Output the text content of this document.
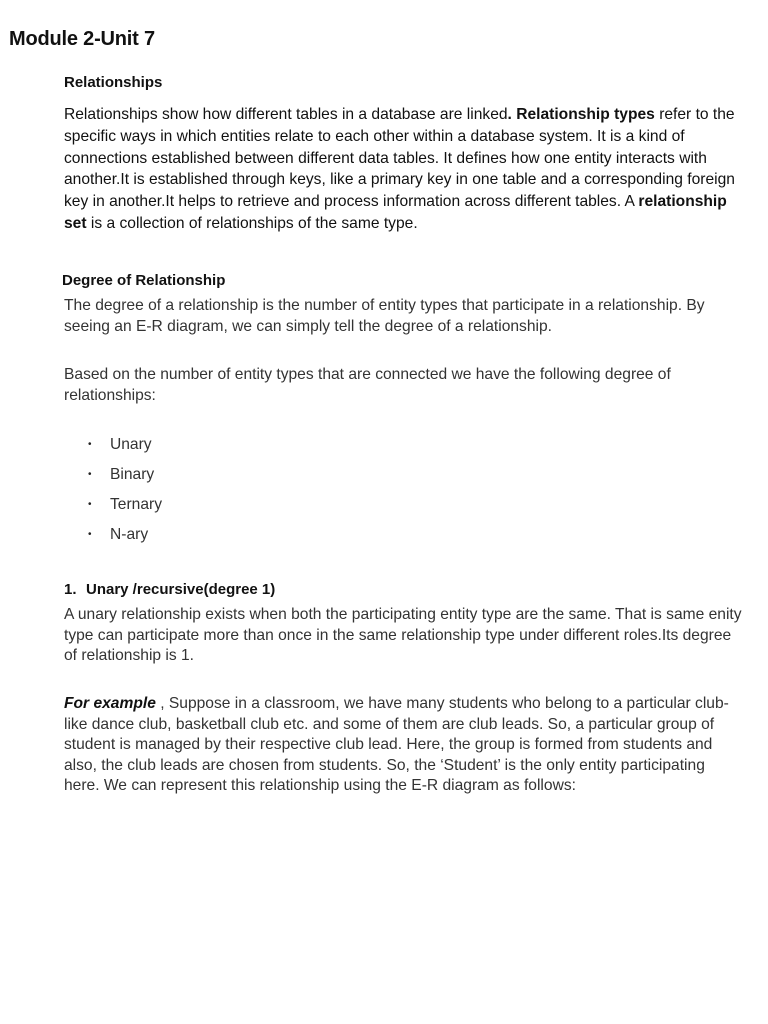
Module 2-Unit 7
Relationships

Relationships show how different tables in a database are linked. Relationship types refer to the specific ways in which entities relate to each other within a database system. It is a kind of connections established between different data tables. It defines how one entity interacts with another.It is established through keys, like a primary key in one table and a corresponding foreign key in another.It helps to retrieve and process information across different tables. A relationship set is a collection of relationships of the same type.

Degree of Relationship

The degree of a relationship is the number of entity types that participate in a relationship. By seeing an E-R diagram, we can simply tell the degree of a relationship.

Based on the number of entity types that are connected we have the following degree of relationships:

• Unary
• Binary
• Ternary
• N-ary
1. Unary /recursive(degree 1)

A unary relationship exists when both the participating entity type are the same. That is same enity type can participate more than once in the same relationship type under different roles.Its degree of relationship is 1.

For example , Suppose in a classroom, we have many students who belong to a particular club-like dance club, basketball club etc. and some of them are club leads. So, a particular group of student is managed by their respective club lead. Here, the group is formed from students and also, the club leads are chosen from students. So, the ‘Student’ is the only entity participating here. We can represent this relationship using the E-R diagram as follows:
